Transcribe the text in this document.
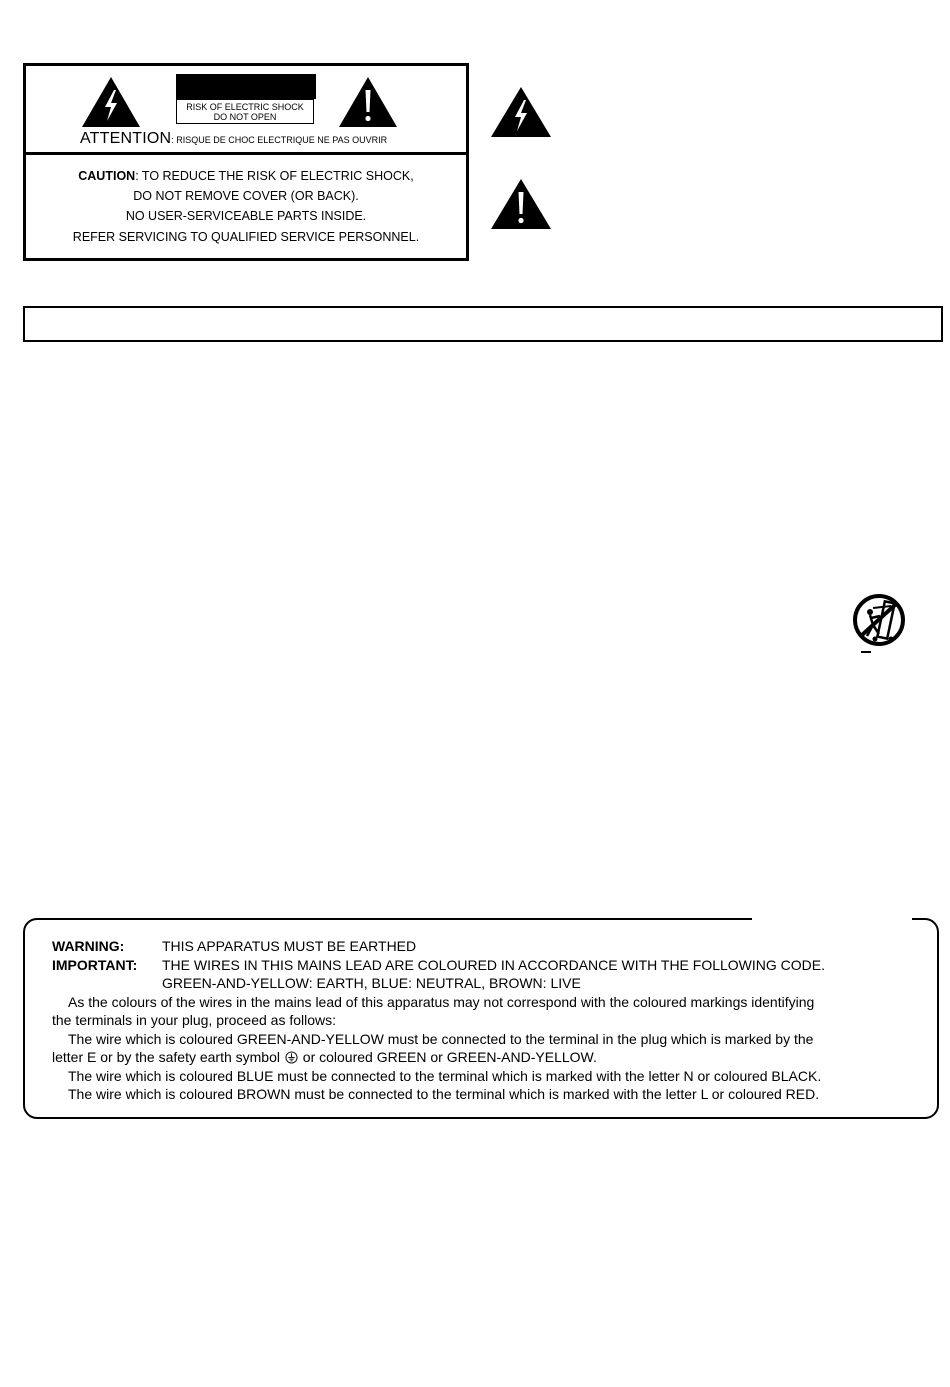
RISK OF ELECTRIC SHOCK
DO NOT OPEN
ATTENTION: RISQUE DE CHOC ELECTRIQUE NE PAS OUVRIR
CAUTION: TO REDUCE THE RISK OF ELECTRIC SHOCK,
DO NOT REMOVE COVER (OR BACK).
NO USER-SERVICEABLE PARTS INSIDE.
REFER SERVICING TO QUALIFIED SERVICE PERSONNEL.
WARNING:	THIS APPARATUS MUST BE EARTHED
IMPORTANT: THE WIRES IN THIS MAINS LEAD ARE COLOURED IN ACCORDANCE WITH THE FOLLOWING CODE.
GREEN-AND-YELLOW: EARTH, BLUE: NEUTRAL, BROWN: LIVE
As the colours of the wires in the mains lead of this apparatus may not correspond with the coloured markings identifying
the terminals in your plug, proceed as follows:
The wire which is coloured GREEN-AND-YELLOW must be connected to the terminal in the plug which is marked by the
letter E or by the safety earth symbol or coloured GREEN or GREEN-AND-YELLOW.
The wire which is coloured BLUE must be connected to the terminal which is marked with the letter N or coloured BLACK.
The wire which is coloured BROWN must be connected to the terminal which is marked with the letter L or coloured RED.
